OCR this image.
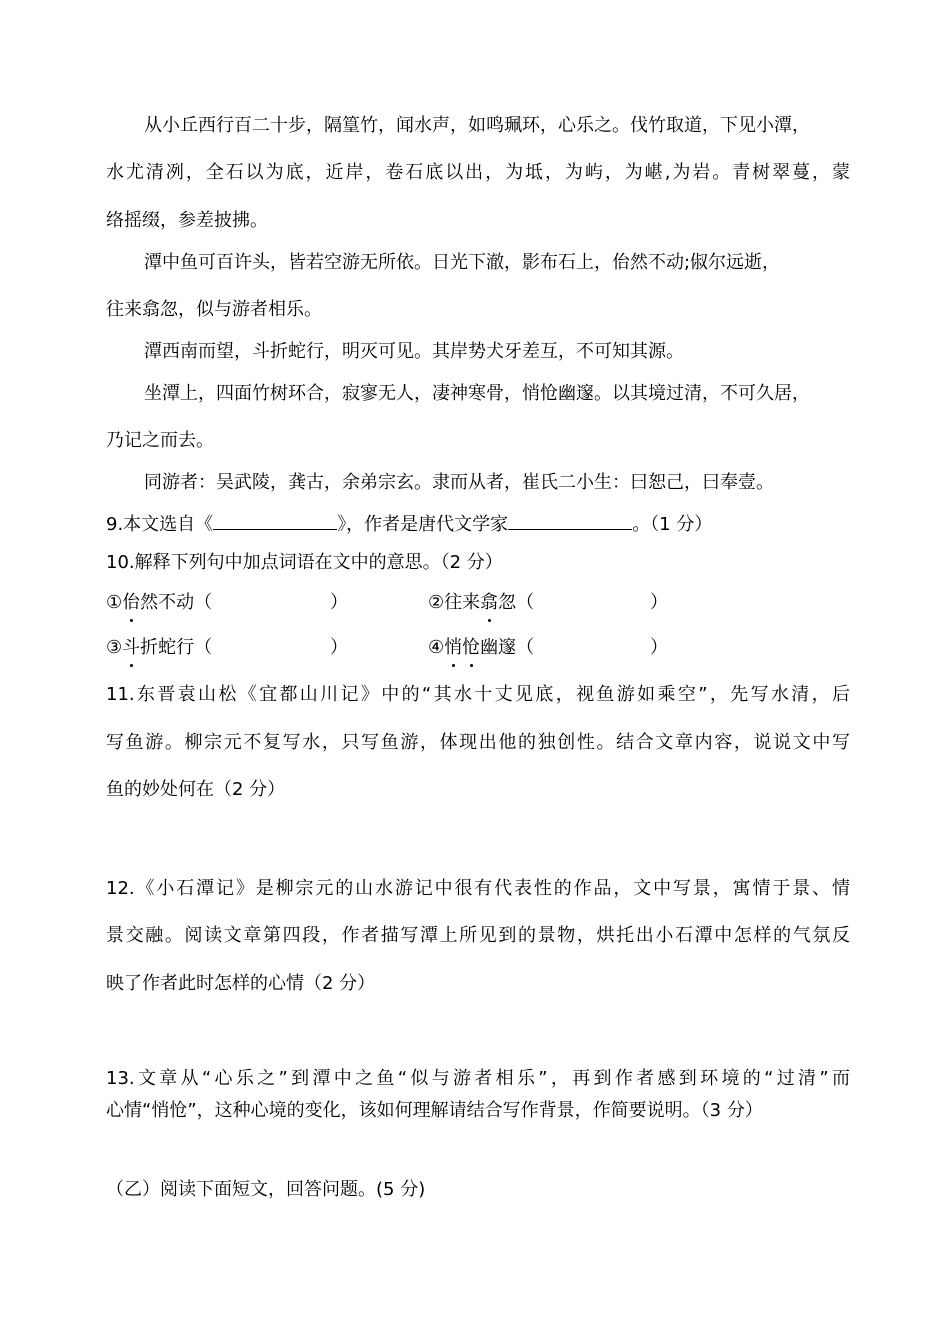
从小丘西行百二十步，隔篁竹，闻水声，如鸣珮环，心乐之。伐竹取道，下见小潭，
水尤清冽，全石以为底，近岸，卷石底以出，为坻，为屿，为嵁,为岩。青树翠蔓，蒙
络摇缀，参差披拂。
潭中鱼可百许头，皆若空游无所依。日光下澈，影布石上，佁然不动;俶尔远逝，
往来翕忽，似与游者相乐。
潭西南而望，斗折蛇行，明灭可见。其岸势犬牙差互，不可知其源。
坐潭上，四面竹树环合，寂寥无人，凄神寒骨，悄怆幽邃。以其境过清，不可久居，
乃记之而去。
同游者：吴武陵，龚古，余弟宗玄。隶而从者，崔氏二小生：曰恕己，曰奉壹。
9.本文选自《	》，作者是唐代文学家	。（1 分）
10.解释下列句中加点词语在文中的意思。（2 分）
①佁然不动（	）	②往来翕忽（	）
③斗折蛇行（	）	④悄怆幽邃（	）
11.东晋袁山松《宜都山川记》中的“其水十丈见底，视鱼游如乘空”，先写水清，后
写鱼游。柳宗元不复写水，只写鱼游，体现出他的独创性。结合文章内容，说说文中写
鱼的妙处何在（2 分）
12.《小石潭记》是柳宗元的山水游记中很有代表性的作品，文中写景，寓情于景、情
景交融。阅读文章第四段，作者描写潭上所见到的景物，烘托出小石潭中怎样的气氛反
映了作者此时怎样的心情（2 分）
13.文章从“心乐之”到潭中之鱼“似与游者相乐”，再到作者感到环境的“过清”而
心情“悄怆”，这种心境的变化，该如何理解请结合写作背景，作简要说明。（3 分）
（乙）阅读下面短文，回答问题。(5 分)
